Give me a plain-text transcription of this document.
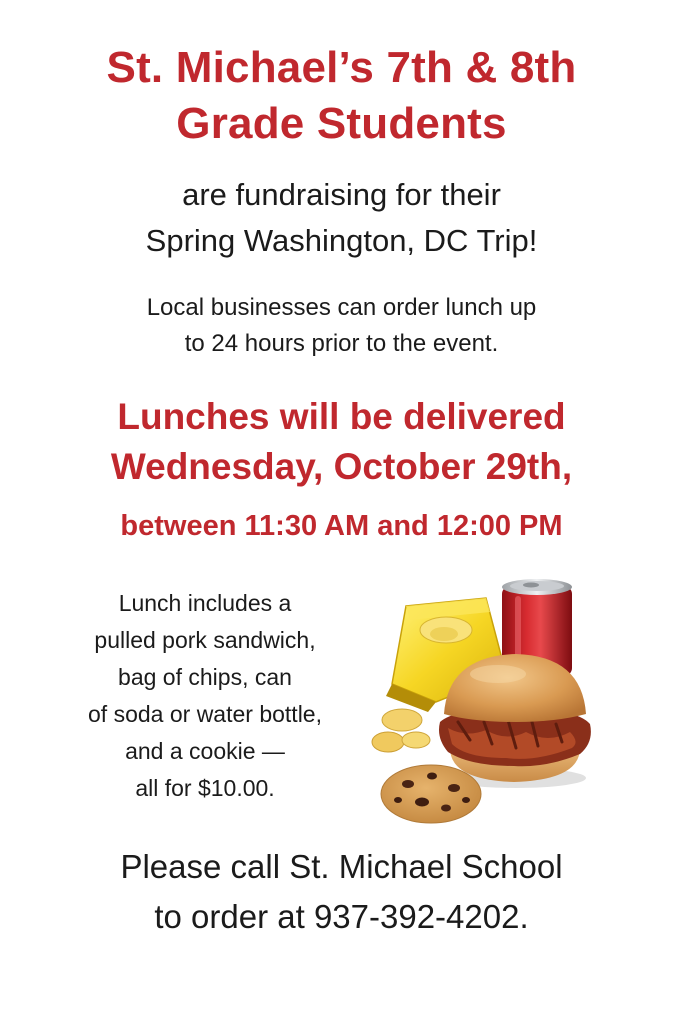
St. Michael’s 7th & 8th
Grade Students
are fundraising for their
Spring Washington, DC Trip!
Local businesses can order lunch up
to 24 hours prior to the event.
Lunches will be delivered
Wednesday, October 29th,
between 11:30 AM and 12:00 PM
Lunch includes a
pulled pork sandwich,
bag of chips, can
of soda or water bottle,
and a cookie —
all for $10.00.
Please call St. Michael School
to order at 937-392-4202.
